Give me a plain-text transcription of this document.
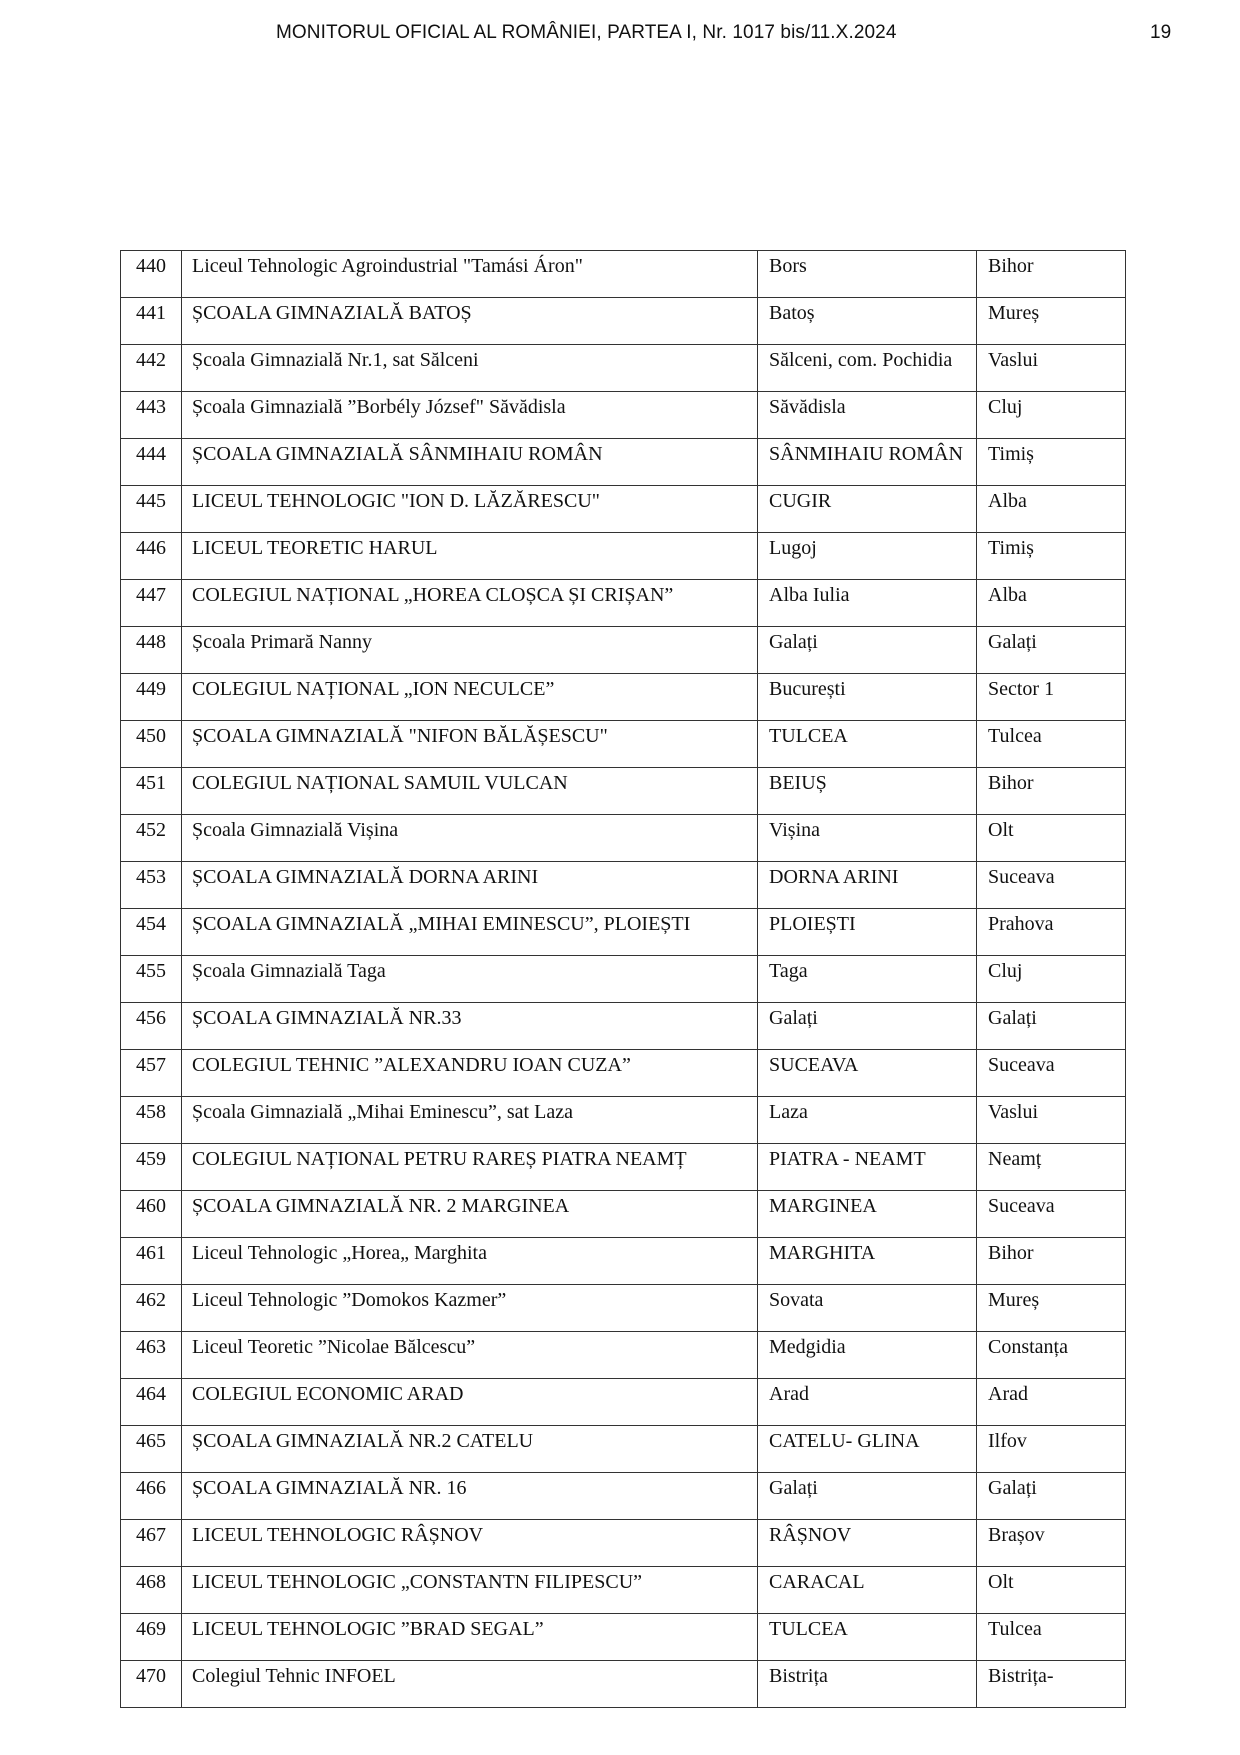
MONITORUL OFICIAL AL ROMÂNIEI, PARTEA I, Nr. 1017 bis/11.X.2024	19
440	Liceul Tehnologic Agroindustrial "Tamási Áron"	Bors	Bihor
441	ȘCOALA GIMNAZIALĂ BATOȘ	Batoș	Mureș
442	Școala Gimnazială Nr.1, sat Sălceni	Sălceni, com. Pochidia	Vaslui
443	Școala Gimnazială ”Borbély József" Săvădisla	Săvădisla	Cluj
444	ȘCOALA GIMNAZIALĂ SÂNMIHAIU ROMÂN	SÂNMIHAIU ROMÂN	Timiș
445	LICEUL TEHNOLOGIC "ION D. LĂZĂRESCU"	CUGIR	Alba
446	LICEUL TEORETIC HARUL	Lugoj	Timiș
447	COLEGIUL NAȚIONAL „HOREA CLOȘCA ȘI CRIȘAN”	Alba Iulia	Alba
448	Școala Primară Nanny	Galați	Galați
449	COLEGIUL NAȚIONAL „ION NECULCE”	București	Sector 1
450	ȘCOALA GIMNAZIALĂ "NIFON BĂLĂȘESCU"	TULCEA	Tulcea
451	COLEGIUL NAȚIONAL SAMUIL VULCAN	BEIUȘ	Bihor
452	Școala Gimnazială Vișina	Vișina	Olt
453	ȘCOALA GIMNAZIALĂ DORNA ARINI	DORNA ARINI	Suceava
454	ȘCOALA GIMNAZIALĂ „MIHAI EMINESCU”, PLOIEȘTI	PLOIEȘTI	Prahova
455	Școala Gimnazială Taga	Taga	Cluj
456	ȘCOALA GIMNAZIALĂ NR.33	Galați	Galați
457	COLEGIUL TEHNIC ”ALEXANDRU IOAN CUZA”	SUCEAVA	Suceava
458	Școala Gimnazială „Mihai Eminescu”, sat Laza	Laza	Vaslui
459	COLEGIUL NAȚIONAL PETRU RAREȘ PIATRA NEAMȚ	PIATRA - NEAMT	Neamț
460	ȘCOALA GIMNAZIALĂ NR. 2 MARGINEA	MARGINEA	Suceava
461	Liceul Tehnologic „Horea„ Marghita	MARGHITA	Bihor
462	Liceul Tehnologic ”Domokos Kazmer”	Sovata	Mureș
463	Liceul Teoretic ”Nicolae Bălcescu”	Medgidia	Constanța
464	COLEGIUL ECONOMIC ARAD	Arad	Arad
465	ȘCOALA GIMNAZIALĂ NR.2 CATELU	CATELU- GLINA	Ilfov
466	ȘCOALA GIMNAZIALĂ NR. 16	Galați	Galați
467	LICEUL TEHNOLOGIC RÂȘNOV	RÂȘNOV	Brașov
468	LICEUL TEHNOLOGIC „CONSTANTN FILIPESCU”	CARACAL	Olt
469	LICEUL TEHNOLOGIC ”BRAD SEGAL”	TULCEA	Tulcea
470	Colegiul Tehnic INFOEL	Bistrița	Bistrița-
